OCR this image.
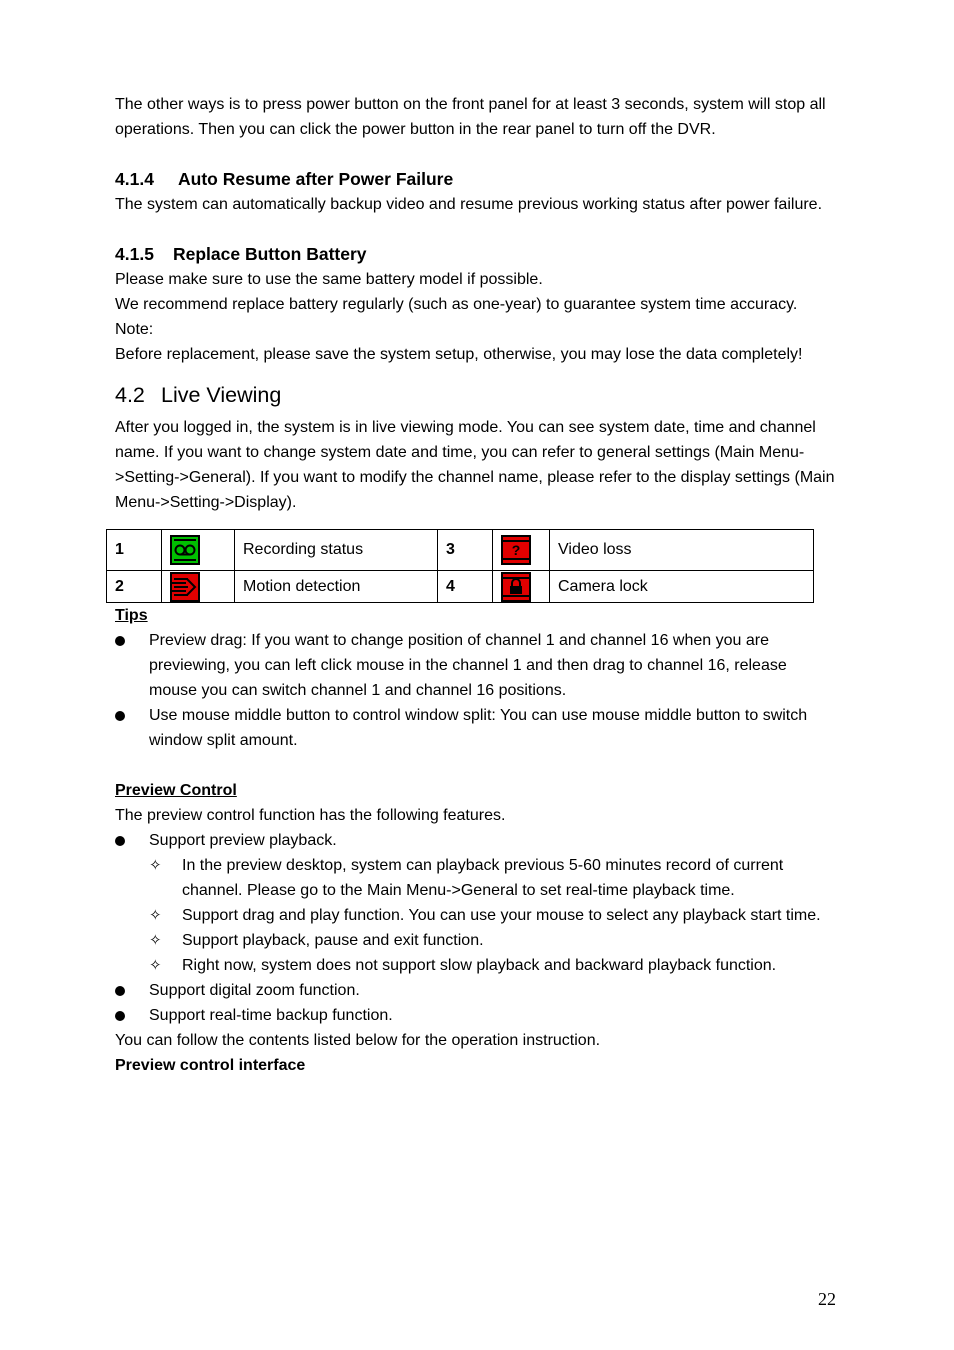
The other ways is to press power button on the front panel for at least 3 seconds, system will stop all operations. Then you can click the power button in the rear panel to turn off the DVR.

4.1.4 Auto Resume after Power Failure

The system can automatically backup video and resume previous working status after power failure.

4.1.5 Replace Button Battery

Please make sure to use the same battery model if possible.

We recommend replace battery regularly (such as one-year) to guarantee system time accuracy.

Note:

Before replacement, please save the system setup, otherwise, you may lose the data completely!

4.2 Live Viewing

After you logged in, the system is in live viewing mode. You can see system date, time and channel name. If you want to change system date and time, you can refer to general settings (Main Menu->Setting->General). If you want to modify the channel name, please refer to the display settings (Main Menu->Setting->Display).

1		Recording status	3	?	Video loss
2		Motion detection	4		Camera lock

Tips

Preview drag: If you want to change position of channel 1 and channel 16 when you are previewing, you can left click mouse in the channel 1 and then drag to channel 16, release mouse you can switch channel 1 and channel 16 positions.
Use mouse middle button to control window split: You can use mouse middle button to switch window split amount.

Preview Control

The preview control function has the following features.

Support preview playback.
✧ In the preview desktop, system can playback previous 5-60 minutes record of current channel. Please go to the Main Menu->General to set real-time playback time.
✧ Support drag and play function. You can use your mouse to select any playback start time.
✧ Support playback, pause and exit function.
✧ Right now, system does not support slow playback and backward playback function.
Support digital zoom function.
Support real-time backup function.

You can follow the contents listed below for the operation instruction.

Preview control interface

22
